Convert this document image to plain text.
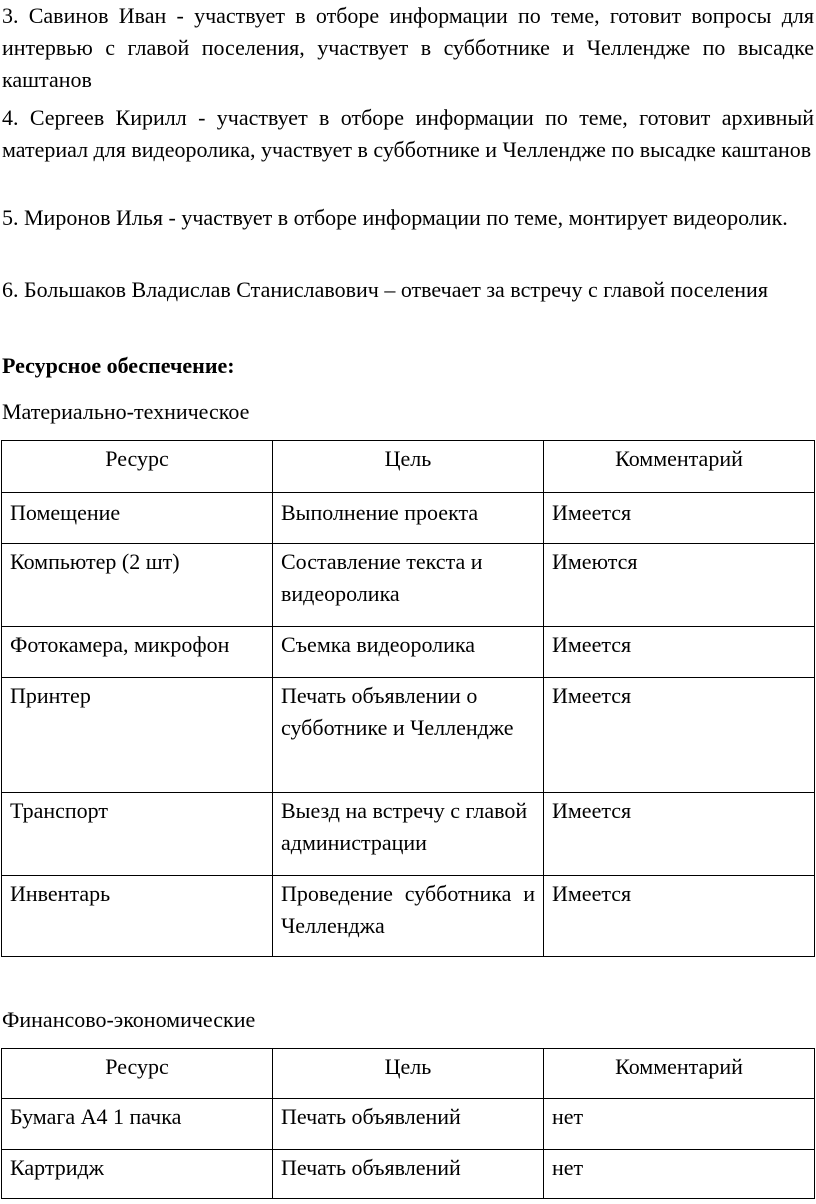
3. Савинов Иван - участвует в отборе информации по теме, готовит вопросы для интервью с главой поселения, участвует в субботнике и Челлендже по высадке каштанов

4. Сергеев Кирилл - участвует в отборе информации по теме, готовит архивный материал для видеоролика, участвует в субботнике и Челлендже по высадке каштанов

5. Миронов Илья - участвует в отборе информации по теме, монтирует видеоролик.

6. Большаков Владислав Станиславович – отвечает за встречу с главой поселения

Ресурсное обеспечение:

Материально-техническое

Ресурс	Цель	Комментарий
Помещение	Выполнение проекта	Имеется
Компьютер (2 шт)	Составление текста и видеоролика	Имеются
Фотокамера, микрофон	Съемка видеоролика	Имеется
Принтер	Печать объявлении о субботнике и Челлендже	Имеется
Транспорт	Выезд на встречу с главой администрации	Имеется
Инвентарь	Проведение субботника и Челленджа	Имеется

Финансово-экономические

Ресурс	Цель	Комментарий
Бумага А4 1 пачка	Печать объявлений	нет
Картридж	Печать объявлений	нет
